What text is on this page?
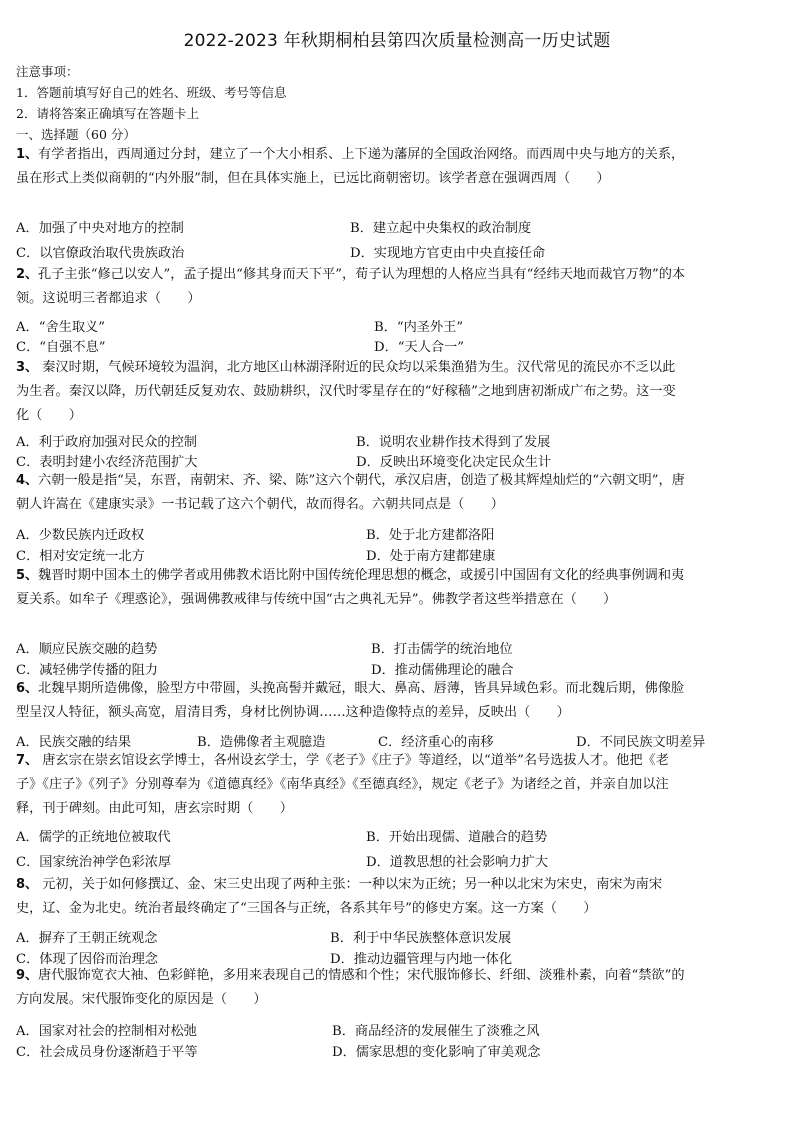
2022-2023 年秋期桐柏县第四次质量检测高一历史试题
注意事项：
1．答题前填写好自己的姓名、班级、考号等信息
2．请将答案正确填写在答题卡上
一、选择题（60 分）

1、有学者指出，西周通过分封，建立了一个大小相系、上下递为藩屏的全国政治网络。而西周中央与地方的关系，虽在形式上类似商朝的“内外服”制，但在具体实施上，已远比商朝密切。该学者意在强调西周（　　）

A．加强了中央对地方的控制	B．建立起中央集权的政治制度
C．以官僚政治取代贵族政治	D．实现地方官吏由中央直接任命

2、孔子主张“修己以安人”，孟子提出“修其身而天下平”，荀子认为理想的人格应当具有“经纬天地而裁官万物”的本领。这说明三者都追求（　　）

A．“舍生取义”	B．“内圣外王”
C．“自强不息”	D．“天人合一”

3、 秦汉时期，气候环境较为温润，北方地区山林湖泽附近的民众均以采集渔猎为生。汉代常见的流民亦不乏以此为生者。秦汉以降，历代朝廷反复劝农、鼓励耕织，汉代时零星存在的“好稼穑”之地到唐初渐成广布之势。这一变化（　　）

A．利于政府加强对民众的控制	B．说明农业耕作技术得到了发展
C．表明封建小农经济范围扩大	D．反映出环境变化决定民众生计

4、六朝一般是指“吴，东晋，南朝宋、齐、梁、陈”这六个朝代，承汉启唐，创造了极其辉煌灿烂的“六朝文明”，唐朝人许嵩在《建康实录》一书记载了这六个朝代，故而得名。六朝共同点是（　　）

A．少数民族内迁政权	B．处于北方建都洛阳
C．相对安定统一北方	D．处于南方建都建康

5、魏晋时期中国本土的佛学者或用佛教术语比附中国传统伦理思想的概念，或援引中国固有文化的经典事例调和夷夏关系。如牟子《理惑论》，强调佛教戒律与传统中国“古之典礼无异”。佛教学者这些举措意在（　　）

A．顺应民族交融的趋势	B．打击儒学的统治地位
C．减轻佛学传播的阻力	D．推动儒佛理论的融合

6、北魏早期所造佛像，脸型方中带圆，头挽高髻并戴冠，眼大、鼻高、唇薄，皆具异域色彩。而北魏后期，佛像脸型呈汉人特征，额头高宽，眉清目秀，身材比例协调……这种造像特点的差异，反映出（　　）

A．民族交融的结果	B．造佛像者主观臆造	C．经济重心的南移	D．不同民族文明差异

7、 唐玄宗在崇玄馆设玄学博士，各州设玄学士，学《老子》《庄子》等道经，以“道举”名号选拔人才。他把《老子》《庄子》《列子》分别尊奉为《道德真经》《南华真经》《至德真经》，规定《老子》为诸经之首，并亲自加以注释，刊于碑刻。由此可知，唐玄宗时期（　　）

A．儒学的正统地位被取代	B．开始出现儒、道融合的趋势
C．国家统治神学色彩浓厚	D．道教思想的社会影响力扩大

8、 元初，关于如何修撰辽、金、宋三史出现了两种主张：一种以宋为正统；另一种以北宋为宋史，南宋为南宋史，辽、金为北史。统治者最终确定了“三国各与正统，各系其年号”的修史方案。这一方案（　　）

A．摒弃了王朝正统观念	B．利于中华民族整体意识发展
C．体现了因俗而治理念	D．推动边疆管理与内地一体化

9、唐代服饰宽衣大袖、色彩鲜艳，多用来表现自己的情感和个性；宋代服饰修长、纤细、淡雅朴素，向着“禁欲”的方向发展。宋代服饰变化的原因是（　　）

A．国家对社会的控制相对松弛	B．商品经济的发展催生了淡雅之风
C．社会成员身份逐渐趋于平等	D．儒家思想的变化影响了审美观念
